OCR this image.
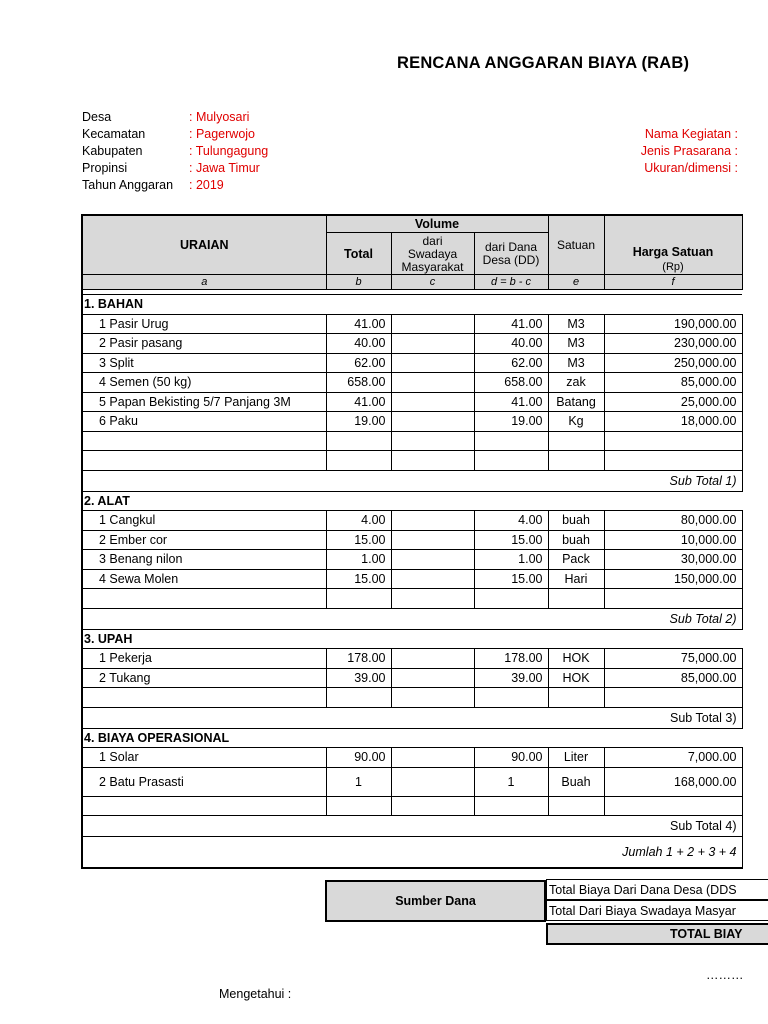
RENCANA ANGGARAN BIAYA (RAB)
Desa	: Mulyosari
Kecamatan	: Pagerwojo
Kabupaten	: Tulungagung
Propinsi	: Jawa Timur
Tahun Anggaran : 2019
Nama Kegiatan :
Jenis Prasarana :
Ukuran/dimensi :
URAIAN	Volume			Satuan	Harga Satuan
	Total	dari Swadaya Masyarakat	dari Dana Desa (DD)		
					(Rp)
a	b	c	d = b - c	e	f

1. BAHAN					
1 Pasir Urug	41.00		41.00	M3	190,000.00
2 Pasir pasang	40.00		40.00	M3	230,000.00
3 Split	62.00		62.00	M3	250,000.00
4 Semen (50 kg)	658.00		658.00	zak	85,000.00
5 Papan Bekisting 5/7 Panjang 3M	41.00		41.00	Batang	25,000.00
6 Paku	19.00		19.00	Kg	18,000.00

Sub Total 1)					
2. ALAT					
1 Cangkul	4.00		4.00	buah	80,000.00
2 Ember cor	15.00		15.00	buah	10,000.00
3 Benang nilon	1.00		1.00	Pack	30,000.00
4 Sewa Molen	15.00		15.00	Hari	150,000.00

Sub Total 2)					
3. UPAH					
1 Pekerja	178.00		178.00	HOK	75,000.00
2 Tukang	39.00		39.00	HOK	85,000.00

Sub Total 3)					
4. BIAYA OPERASIONAL					
1 Solar	90.00		90.00	Liter	7,000.00
2 Batu Prasasti	1		1	Buah	168,000.00

Sub Total 4)					
Jumlah 1 + 2 + 3 + 4					
Sumber Dana
Total Biaya Dari Dana Desa (DDS
Total Dari Biaya Swadaya Masyar
TOTAL BIAY
………
Mengetahui :
